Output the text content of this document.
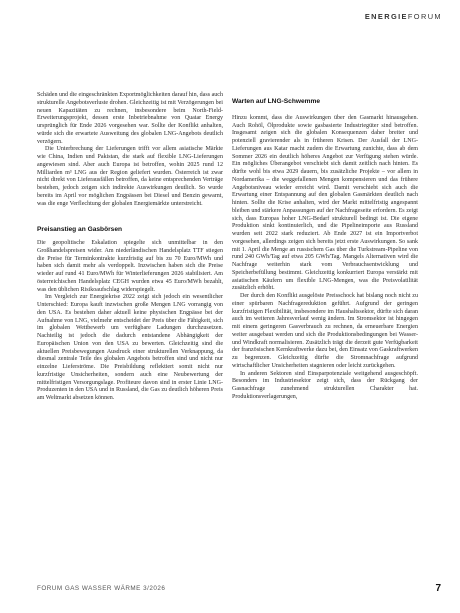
ENERGIEFORUM

Schäden und die eingeschränkten Exportmöglichkeiten darauf hin, dass auch strukturelle Angebotsverluste drohen. Gleichzeitig ist mit Verzögerungen bei neuen Kapazitäten zu rechnen, insbesondere beim North-Field-Erweiterungsprojekt, dessen erste Inbetriebnahme von Quatar Energy ursprünglich für Ende 2026 vorgesehen war. Sollte der Konflikt anhalten, würde sich die erwartete Ausweitung des globalen LNG-Angebots deutlich verzögern.

Die Unterbrechung der Lieferungen trifft vor allem asiatische Märkte wie China, Indien und Pakistan, die stark auf flexible LNG-Lieferungen angewiesen sind. Aber auch Europa ist betroffen, wohin 2025 rund 12 Milliarden m³ LNG aus der Region geliefert wurden. Österreich ist zwar nicht direkt von Lieferausfällen betroffen, da keine entsprechenden Verträge bestehen, jedoch zeigen sich indirekte Auswirkungen deutlich. So wurde bereits im April vor möglichen Engpässen bei Diesel und Benzin gewarnt, was die enge Verflechtung der globalen Energiemärkte unterstreicht.

Preisanstieg an Gasbörsen

Die geopolitische Eskalation spiegelte sich unmittelbar in den Großhandelspreisen wider. Am niederländischen Handelsplatz TTF stiegen die Preise für Terminkontrakte kurzfristig auf bis zu 70 Euro/MWh und haben sich damit mehr als verdoppelt. Inzwischen haben sich die Preise wieder auf rund 41 Euro/MWh für Winterlieferungen 2026 stabilisiert. Am österreichischen Handelsplatz CEGH wurden etwa 45 Euro/MWh bezahlt, was den üblichen Risikoaufschlag widerspiegelt.

Im Vergleich zur Energiekrise 2022 zeigt sich jedoch ein wesentlicher Unterschied: Europa kauft inzwischen große Mengen LNG vorrangig von den USA. Es bestehen daher aktuell keine physischen Engpässe bei der Aufnahme von LNG, vielmehr entscheidet der Preis über die Fähigkeit, sich im globalen Wettbewerb um verfügbare Ladungen durchzusetzen. Nachteilig ist jedoch die dadurch entstandene Abhängigkeit der Europäischen Union von den USA zu bewerten. Gleichzeitig sind die aktuellen Preisbewegungen Ausdruck einer strukturellen Verknappung, da diesmal zentrale Teile des globalen Angebots betroffen sind und nicht nur einzelne Lieferströme. Die Preisbildung reflektiert somit nicht nur kurzfristige Unsicherheiten, sondern auch eine Neubewertung der mittelfristigen Versorgungslage. Profiteure davon sind in erster Linie LNG-Produzenten in den USA und in Russland, die Gas zu deutlich höheren Preis am Weltmarkt absetzen können.

Warten auf LNG-Schwemme

Hinzu kommt, dass die Auswirkungen über den Gasmarkt hinausgehen. Auch Rohöl, Ölprodukte sowie gasbasierte Industriegüter sind betroffen. Insgesamt zeigen sich die globalen Konsequenzen daher breiter und potenziell gravierender als in früheren Krisen. Der Ausfall der LNG-Lieferungen aus Katar macht zudem die Erwartung zunichte, dass ab dem Sommer 2026 ein deutlich höheres Angebot zur Verfügung stehen würde. Ein mögliches Überangebot verschiebt sich damit zeitlich nach hinten. Es dürfte wohl bis etwa 2029 dauern, bis zusätzliche Projekte – vor allem in Nordamerika – die weggefallenen Mengen kompensieren und das frühere Angebotsniveau wieder erreicht wird. Damit verschiebt sich auch die Erwartung einer Entspannung auf den globalen Gasmärkten deutlich nach hinten. Sollte die Krise anhalten, wird der Markt mittelfristig angespannt bleiben und stärkere Anpassungen auf der Nachfrageseite erfordern. Es zeigt sich, dass Europas hoher LNG-Bedarf strukturell bedingt ist. Die eigene Produktion sinkt kontinuierlich, und die Pipelineimporte aus Russland wurden seit 2022 stark reduziert. Ab Ende 2027 ist ein Importverbot vorgesehen, allerdings zeigen sich bereits jetzt erste Auswirkungen. So sank mit 1. April die Menge an russischem Gas über die Turkstream-Pipeline von rund 240 GWh/Tag auf etwa 205 GWh/Tag. Mangels Alternativen wird die Nachfrage weiterhin stark vom Verbrauchsentwicklung und Speicherbefüllung bestimmt. Gleichzeitig konkurriert Europa verstärkt mit asiatischen Käufern um flexible LNG-Mengen, was die Preisvolatilität zusätzlich erhöht.

Der durch den Konflikt ausgelöste Preisschock hat bislang noch nicht zu einer spürbaren Nachfragereduktion geführt. Aufgrund der geringen kurzfristigen Flexibilität, insbesondere im Haushaltssektor, dürfte sich daran auch im weiteren Jahresverlauf wenig ändern. Im Stromsektor ist hingegen mit einem geringeren Gasverbrauch zu rechnen, da erneuerbare Energien weiter ausgebaut werden und sich die Produktionsbedingungen bei Wasser- und Windkraft normalisieren. Zusätzlich trägt die derzeit gute Verfügbarkeit der französischen Kernkraftwerke dazu bei, den Einsatz von Gaskraftwerken zu begrenzen. Gleichzeitig dürfte die Stromnachfrage aufgrund wirtschaftlicher Unsicherheiten stagnieren oder leicht zurückgehen.

In anderen Sektoren sind Einsparpotenziale weitgehend ausgeschöpft. Besonders im Industriesektor zeigt sich, dass der Rückgang der Gasnachfrage zunehmend strukturellen Charakter hat. Produktionsverlagerungen,

FORUM GAS WASSER WÄRME 3/2026	7
